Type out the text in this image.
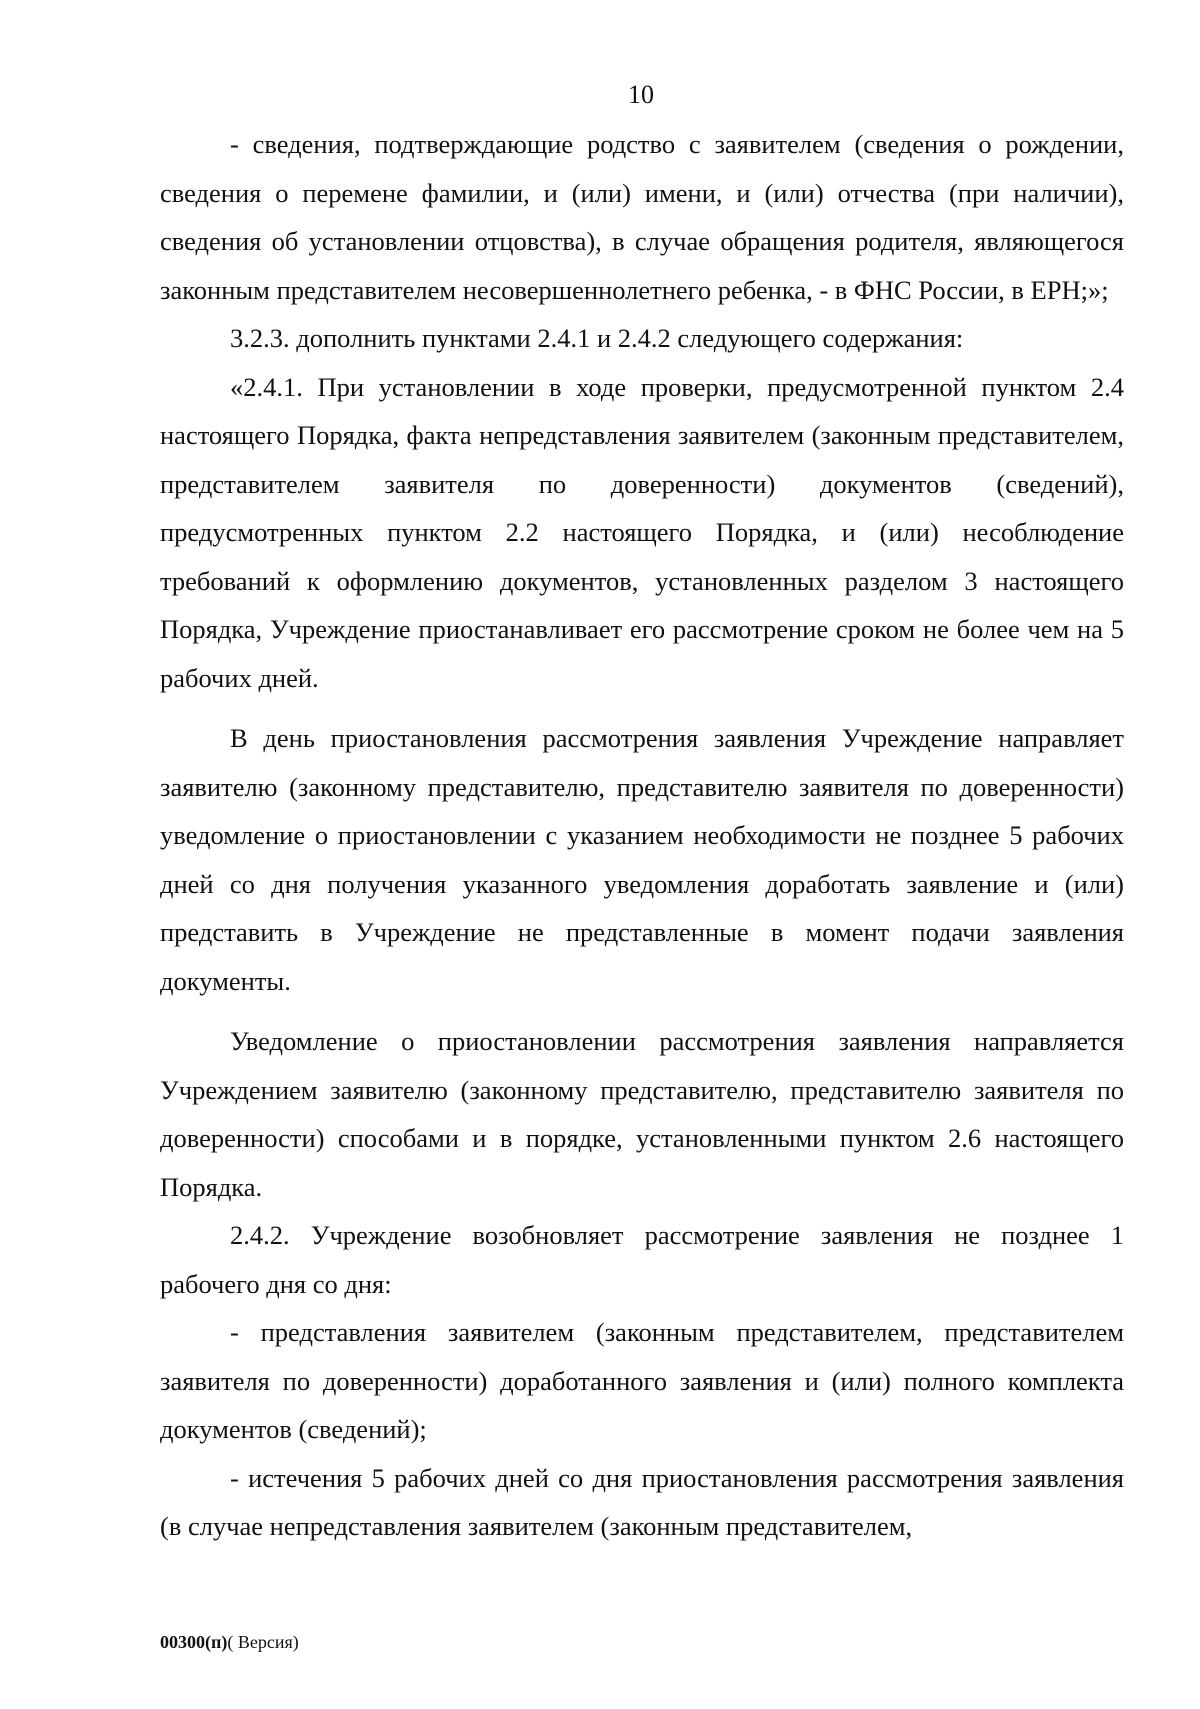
10

- сведения, подтверждающие родство с заявителем (сведения о рождении, сведения о перемене фамилии, и (или) имени, и (или) отчества (при наличии), сведения об установлении отцовства), в случае обращения родителя, являющегося законным представителем несовершеннолетнего ребенка, - в ФНС России, в ЕРН;»;

3.2.3. дополнить пунктами 2.4.1 и 2.4.2 следующего содержания:

«2.4.1. При установлении в ходе проверки, предусмотренной пунктом 2.4 настоящего Порядка, факта непредставления заявителем (законным представителем, представителем заявителя по доверенности) документов (сведений), предусмотренных пунктом 2.2 настоящего Порядка, и (или) несоблюдение требований к оформлению документов, установленных разделом 3 настоящего Порядка, Учреждение приостанавливает его рассмотрение сроком не более чем на 5 рабочих дней.

В день приостановления рассмотрения заявления Учреждение направляет заявителю (законному представителю, представителю заявителя по доверенности) уведомление о приостановлении с указанием необходимости не позднее 5 рабочих дней со дня получения указанного уведомления доработать заявление и (или) представить в Учреждение не представленные в момент подачи заявления документы.

Уведомление о приостановлении рассмотрения заявления направляется Учреждением заявителю (законному представителю, представителю заявителя по доверенности) способами и в порядке, установленными пунктом 2.6 настоящего Порядка.

2.4.2. Учреждение возобновляет рассмотрение заявления не позднее 1 рабочего дня со дня:

- представления заявителем (законным представителем, представителем заявителя по доверенности) доработанного заявления и (или) полного комплекта документов (сведений);

- истечения 5 рабочих дней со дня приостановления рассмотрения заявления (в случае непредставления заявителем (законным представителем,

00300(п)( Версия)
